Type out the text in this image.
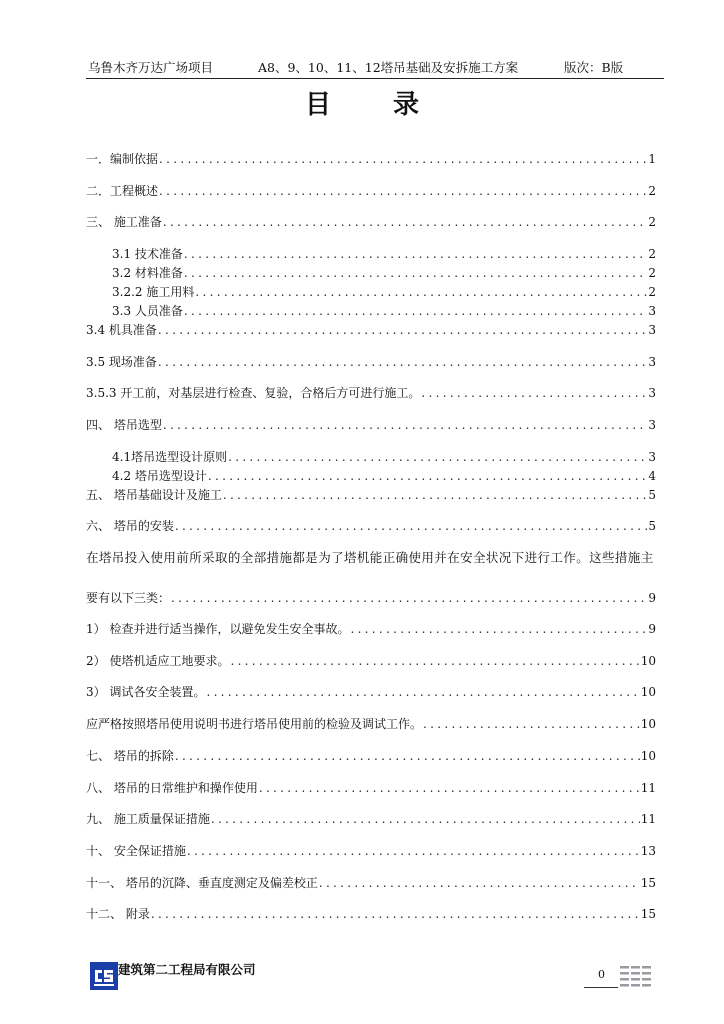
乌鲁木齐万达广场项目	A8、9、10、11、12塔吊基础及安拆施工方案	版次：B版
目录
一．编制依据 .....	1
二．工程概述 .....	2
三、 施工准备 .....	2
3.1 技术准备 .....	2
3.2 材料准备 .....	2
3.2.2 施工用料 .....	2
3.3 人员准备 .....	3
3.4 机具准备 .....	3
3.5 现场准备 .....	3
3.5.3 开工前，对基层进行检查、复验，合格后方可进行施工。 .....	3
四、 塔吊选型 .....	3
4.1塔吊选型设计原则 .....	3
4.2 塔吊选型设计 .....	4
五、 塔吊基础设计及施工 .....	5
六、 塔吊的安装 .....	5
要有以下三类： .....	9
1） 检查并进行适当操作，以避免发生安全事故。 .....	9
2） 使塔机适应工地要求。 .....	10
3） 调试各安全装置。 .....	10
应严格按照塔吊使用说明书进行塔吊使用前的检验及调试工作。 .....	10
七、 塔吊的拆除 .....	10
八、 塔吊的日常维护和操作使用 .....	11
九、 施工质量保证措施 .....	11
十、 安全保证措施 .....	13
十一、 塔吊的沉降、垂直度测定及偏差校正 .....	15
十二、 附录 .....	15
在塔吊投入使用前所采取的全部措施都是为了塔机能正确使用并在安全状况下进行工作。这些措施主
建筑第二工程局有限公司	0
